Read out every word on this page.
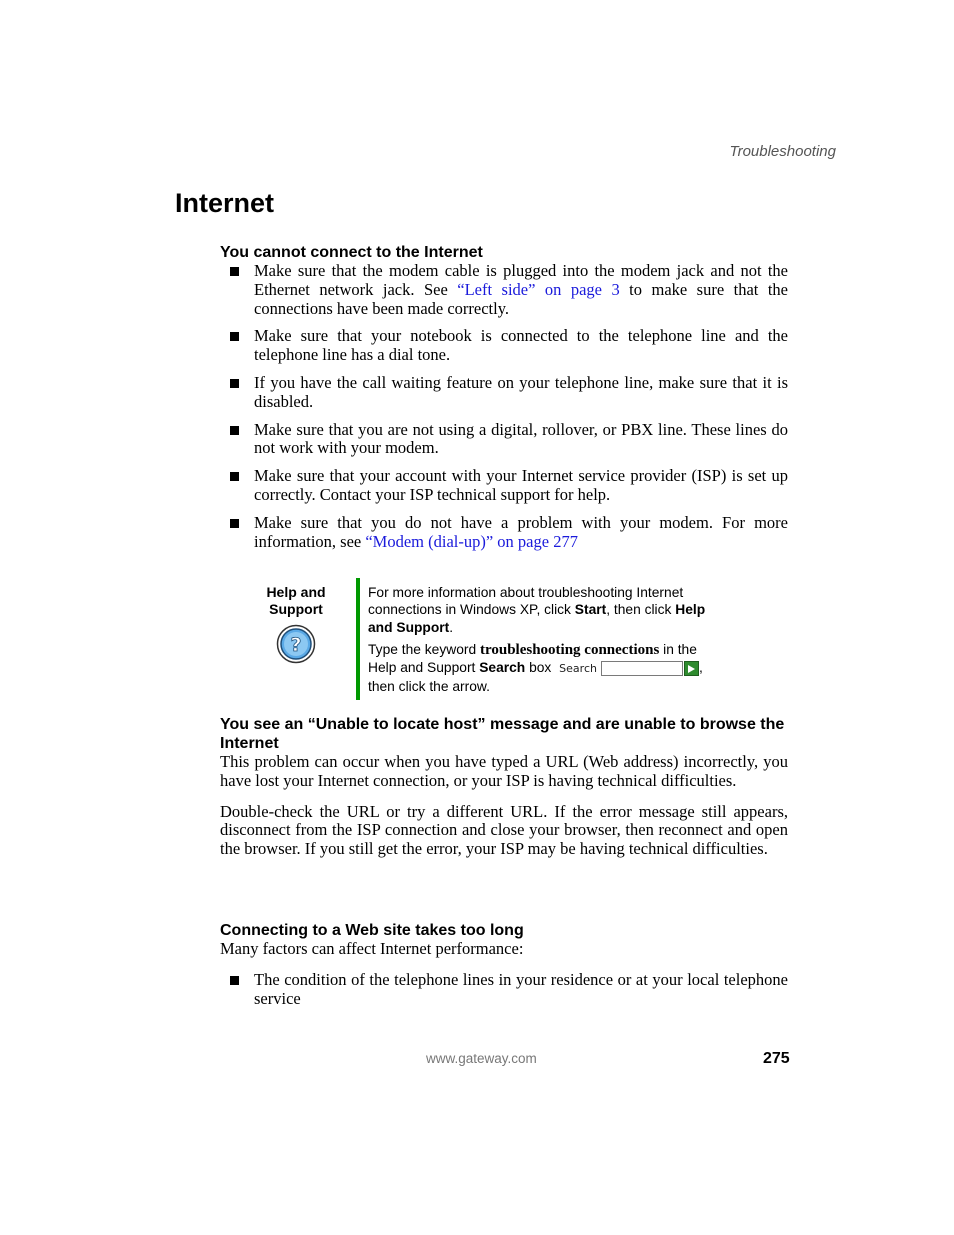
Troubleshooting
Internet
You cannot connect to the Internet
Make sure that the modem cable is plugged into the modem jack and not the Ethernet network jack. See “Left side” on page 3 to make sure that the connections have been made correctly.
Make sure that your notebook is connected to the telephone line and the telephone line has a dial tone.
If you have the call waiting feature on your telephone line, make sure that it is disabled.
Make sure that you are not using a digital, rollover, or PBX line. These lines do not work with your modem.
Make sure that your account with your Internet service provider (ISP) is set up correctly. Contact your ISP technical support for help.
Make sure that you do not have a problem with your modem. For more information, see “Modem (dial-up)” on page 277
Help and Support
?

For more information about troubleshooting Internet connections in Windows XP, click Start, then click Help and Support.

Type the keyword troubleshooting connections in the Help and Support Search box Search	, then click the arrow.

You see an “Unable to locate host” message and are unable to browse the Internet

This problem can occur when you have typed a URL (Web address) incorrectly, you have lost your Internet connection, or your ISP is having technical difficulties.

Double-check the URL or try a different URL. If the error message still appears, disconnect from the ISP connection and close your browser, then reconnect and open the browser. If you still get the error, your ISP may be having technical difficulties.

Connecting to a Web site takes too long

Many factors can affect Internet performance:

The condition of the telephone lines in your residence or at your local telephone service
www.gateway.com	275
